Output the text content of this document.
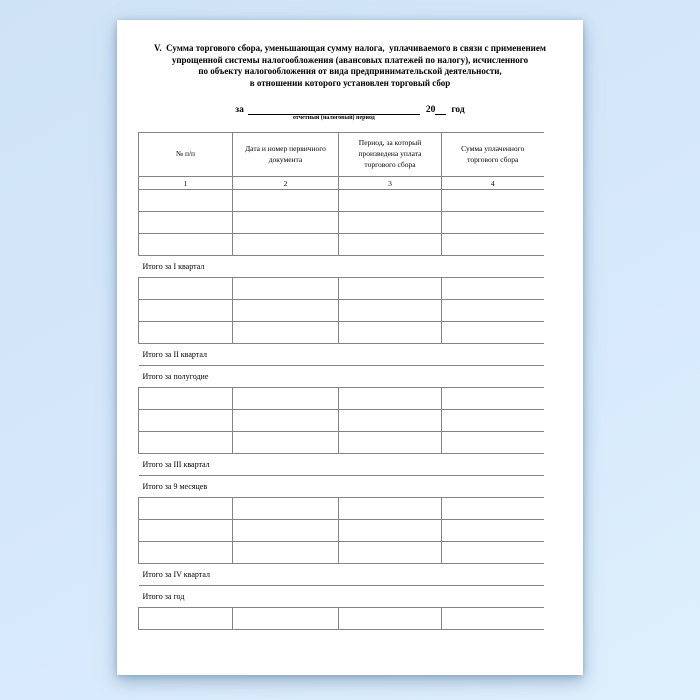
V.  Сумма торгового сбора, уменьшающая сумму налога,  уплачиваемого в связи с применением
упрощенной системы налогообложения (авансовых платежей по налогу), исчисленного
по объекту налогообложения от вида предпринимательской деятельности,
в отношении которого установлен торговый сбор
за
отчетный (налоговый) период
20 год
№ п/п	Дата и номер первичного документа	Период, за который произведена уплата торгового сбора	Сумма уплаченного торгового сбора
1	2	3	4

Итого за I квартал			

Итого за II квартал			
Итого за полугодие			

Итого за III квартал			
Итого за 9 месяцев			

Итого за IV квартал			
Итого за год			
